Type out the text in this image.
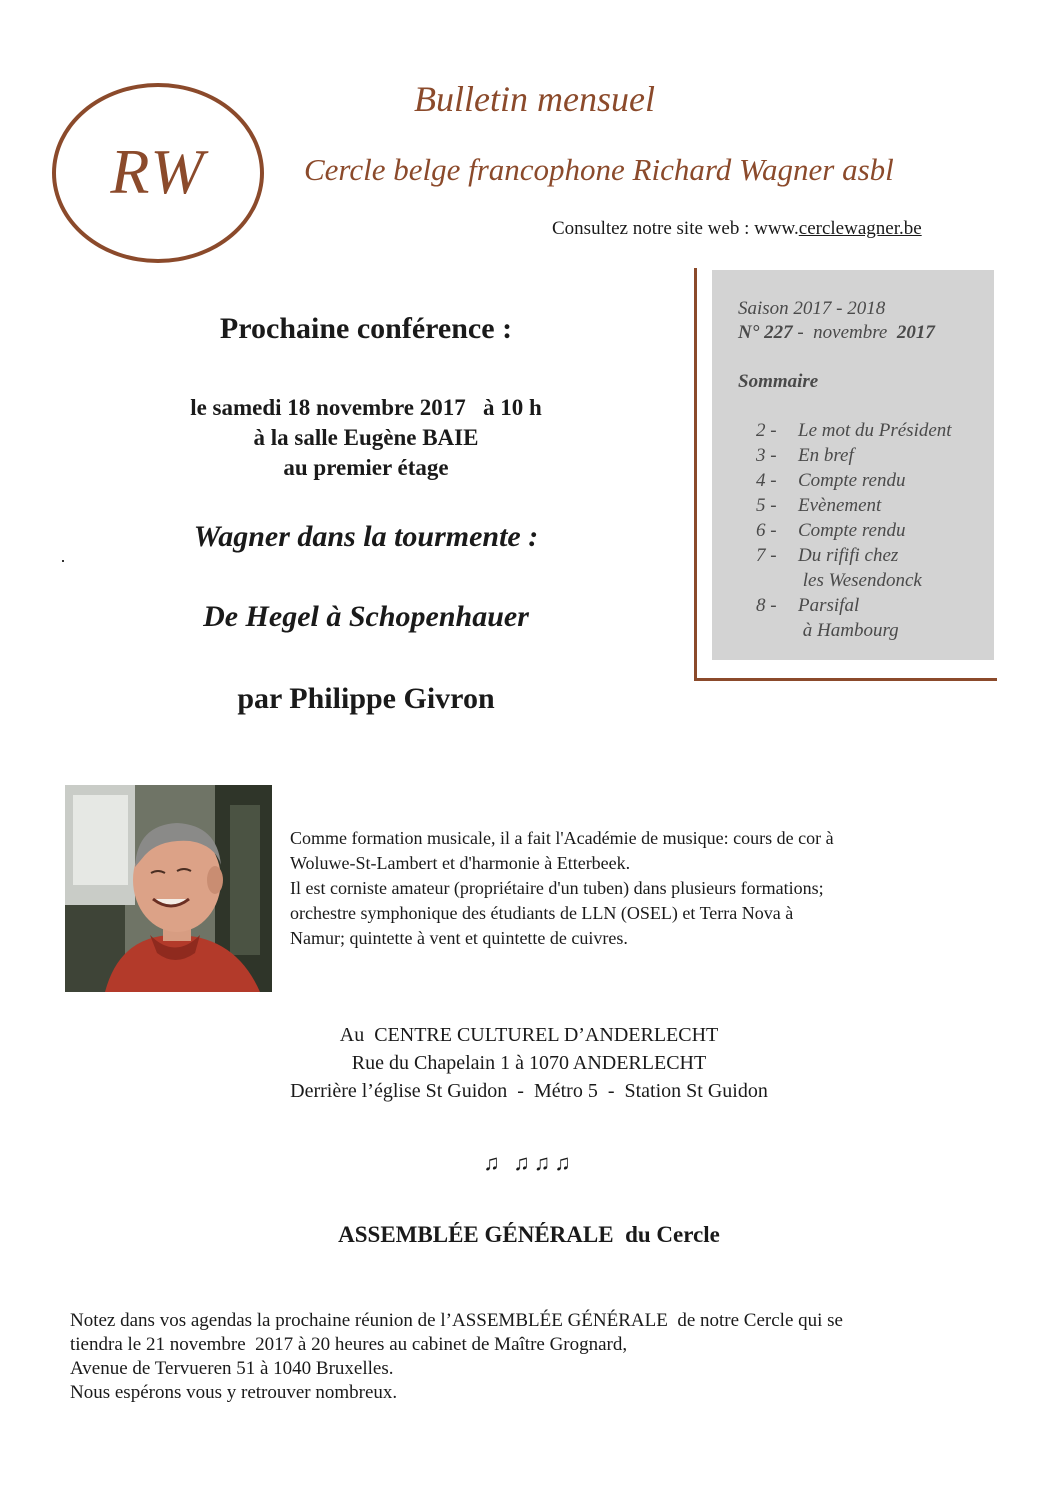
RW
Bulletin mensuel
Cercle belge francophone Richard Wagner asbl
Consultez notre site web : www.cerclewagner.be
Saison 2017 - 2018
N° 227 -  novembre  2017
Sommaire
2 -	Le mot du Président
3 -	En bref
4 -	Compte rendu
5 -	Evènement
6 -	Compte rendu
7 -	Du rififi chez
les Wesendonck
8 -	Parsifal
à Hambourg
Prochaine conférence :
le samedi 18 novembre 2017   à 10 h
à la salle Eugène BAIE
au premier étage
Wagner dans la tourmente :
De Hegel à Schopenhauer
par Philippe Givron
Comme formation musicale, il a fait l'Académie de musique: cours de cor à
Woluwe-St-Lambert et d'harmonie à Etterbeek.
Il est corniste amateur (propriétaire d'un tuben) dans plusieurs formations;
orchestre symphonique des étudiants de LLN (OSEL) et Terra Nova à
Namur; quintette à vent et quintette de cuivres.
Au  CENTRE CULTUREL D’ANDERLECHT
Rue du Chapelain 1 à 1070 ANDERLECHT
Derrière l’église St Guidon  -  Métro 5  -  Station St Guidon
♫ ♫♫♫
ASSEMBLÉE GÉNÉRALE  du Cercle
Notez dans vos agendas la prochaine réunion de l’ASSEMBLÉE GÉNÉRALE  de notre Cercle qui se
tiendra le 21 novembre  2017 à 20 heures au cabinet de Maître Grognard,
Avenue de Tervueren 51 à 1040 Bruxelles.
Nous espérons vous y retrouver nombreux.
